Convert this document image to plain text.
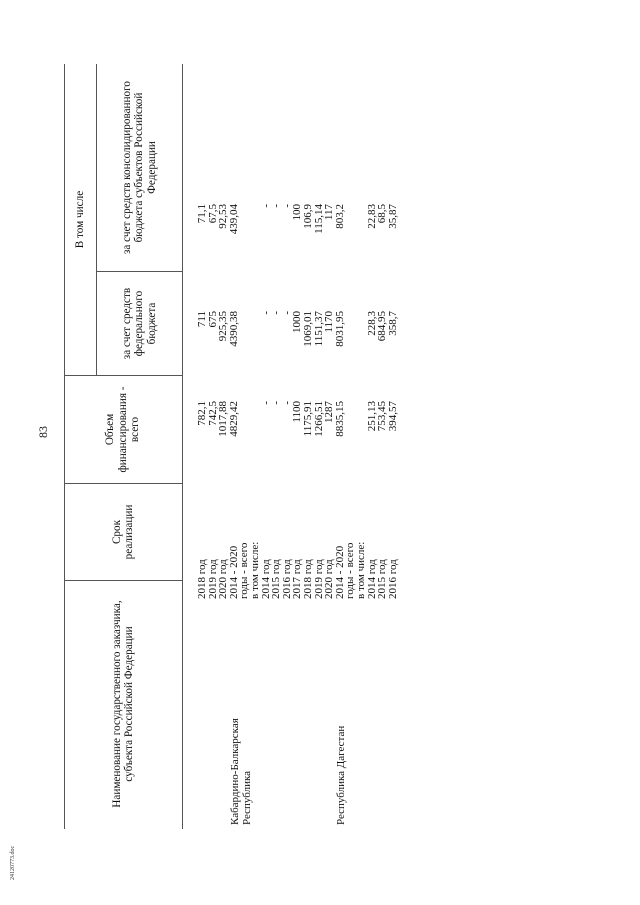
83
24120773.doc
Наименование государственного заказчика, субъекта Российской Федерации
Срок реализации
Объем финансирования - всего
В том числе
за счет средств федерального бюджета
за счет средств консолидированного бюджета субъектов Российской Федерации
2018 год
782,1
711
71,1
2019 год
742,5
675
67,5
2020 год
1017,88
925,35
92,53
Кабардино-Балкарская Республика
2014 - 2020
4829,42
4390,38
439,04
годы - всего
в том числе:
2014 год
-
-
-
2015 год
-
-
-
2016 год
-
-
-
2017 год
1100
1000
100
2018 год
1175,91
1069,01
106,9
2019 год
1266,51
1151,37
115,14
2020 год
1287
1170
117
Республика Дагестан
2014 - 2020
8835,15
8031,95
803,2
годы - всего
в том числе:
2014 год
251,13
228,3
22,83
2015 год
753,45
684,95
68,5
2016 год
394,57
358,7
35,87
